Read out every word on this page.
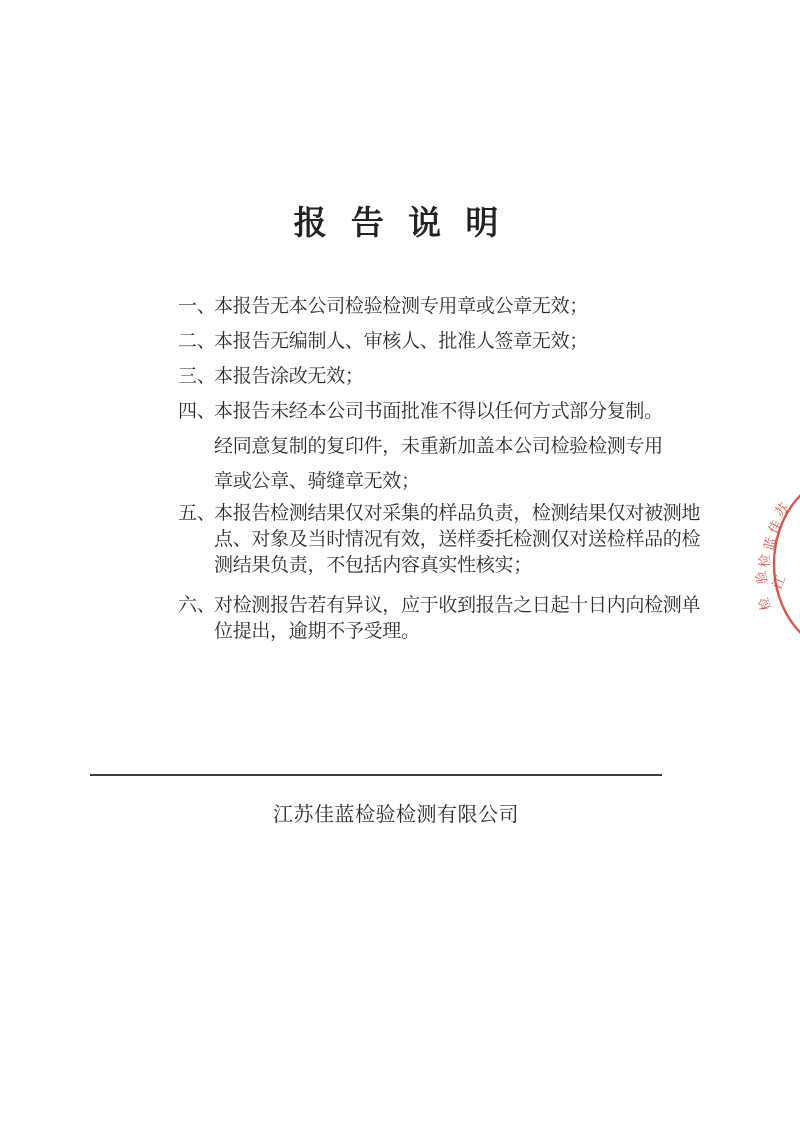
报 告 说 明
一、
本报告无本公司检验检测专用章或公章无效；
二、
本报告无编制人、审核人、批准人签章无效；
三、
本报告涂改无效；
四、
本报告未经本公司书面批准不得以任何方式部分复制。
经同意复制的复印件，未重新加盖本公司检验检测专用
章或公章、骑缝章无效；
五、
本报告检测结果仅对采集的样品负责，检测结果仅对被测地
点、对象及当时情况有效，送样委托检测仅对送检样品的检
测结果负责，不包括内容真实性核实；
六、
对检测报告若有异议，应于收到报告之日起十日内向检测单
位提出，逾期不予受理。
江苏佳蓝检验检测有限公司
苏
佳
蓝
检
验 江
检
